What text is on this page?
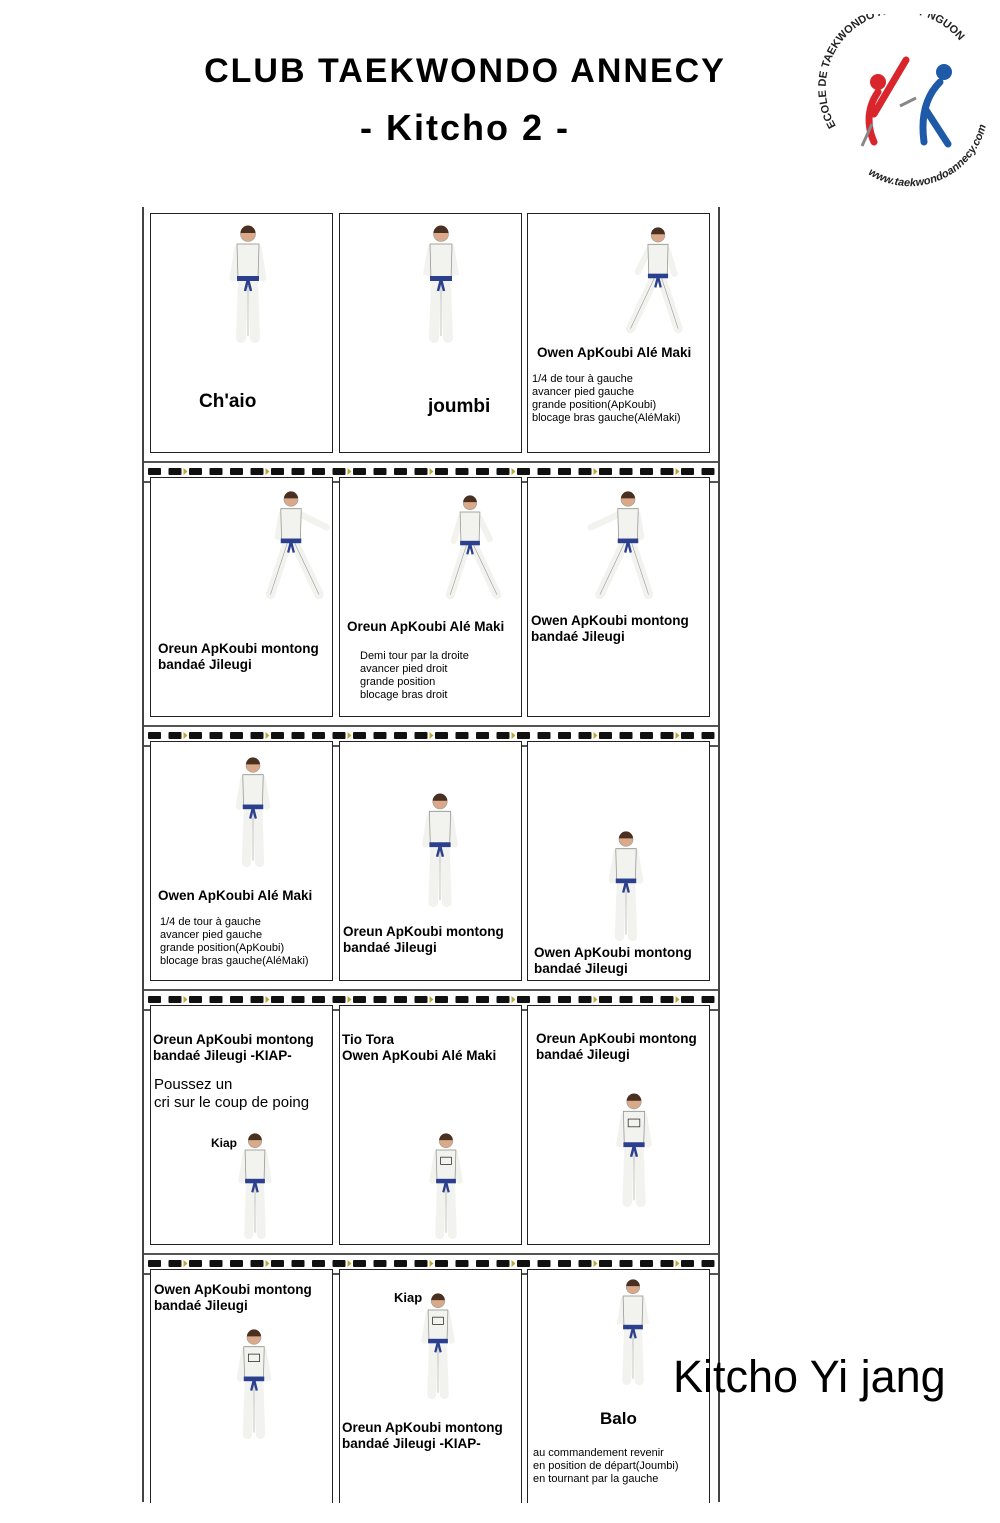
CLUB TAEKWONDO ANNECY
- Kitcho 2 -	ECOLE DE TAEKWONDO NGUON
www.taekwondoannecy.com
Ch'aio	joumbi
Owen ApKoubi Alé Maki
1/4 de tour à gauche
avancer pied gauche
grande position(ApKoubi)
blocage bras gauche(AléMaki)
Oreun ApKoubi montong
bandaé Jileugi
Oreun ApKoubi Alé Maki
Demi tour par la droite
avancer pied droit
grande position
blocage bras droit
Owen ApKoubi montong
bandaé Jileugi
Owen ApKoubi Alé Maki
1/4 de tour à gauche
avancer pied gauche
grande position(ApKoubi)
blocage bras gauche(AléMaki)
Oreun ApKoubi montong
bandaé Jileugi	Owen ApKoubi montong
bandaé Jileugi
Oreun ApKoubi montong
bandaé Jileugi -KIAP-
Poussez un
cri sur le coup de poing
Kiap
Tio Tora
Owen ApKoubi Alé Maki
Oreun ApKoubi montong
bandaé Jileugi
Owen ApKoubi montong
bandaé Jileugi
Kiap
Oreun ApKoubi montong
bandaé Jileugi -KIAP-
Balo
au commandement revenir
en position de départ(Joumbi)
en tournant par la gauche
Kitcho Yi jang
